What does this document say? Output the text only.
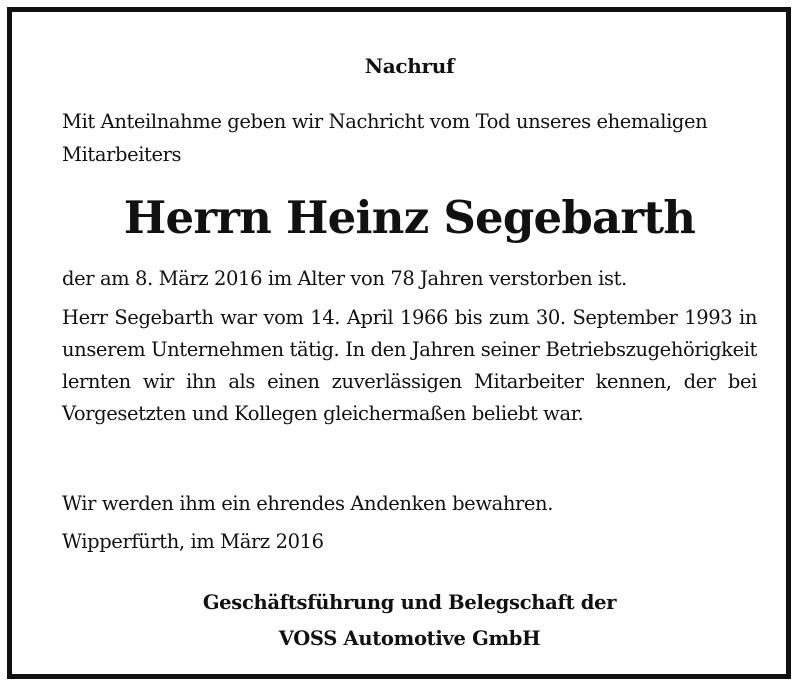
Nachruf
Mit Anteilnahme geben wir Nachricht vom Tod unseres ehemaligen Mitarbeiters
Herrn Heinz Segebarth
der am 8. März 2016 im Alter von 78 Jahren verstorben ist.
Herr Segebarth war vom 14. April 1966 bis zum 30. September 1993 in unserem Unternehmen tätig. In den Jahren seiner Betriebszugehörigkeit lernten wir ihn als einen zuverlässigen Mitarbeiter kennen, der bei Vorgesetzten und Kollegen gleichermaßen beliebt war.
Wir werden ihm ein ehrendes Andenken bewahren.
Wipperfürth, im März 2016
Geschäftsführung und Belegschaft der
VOSS Automotive GmbH
